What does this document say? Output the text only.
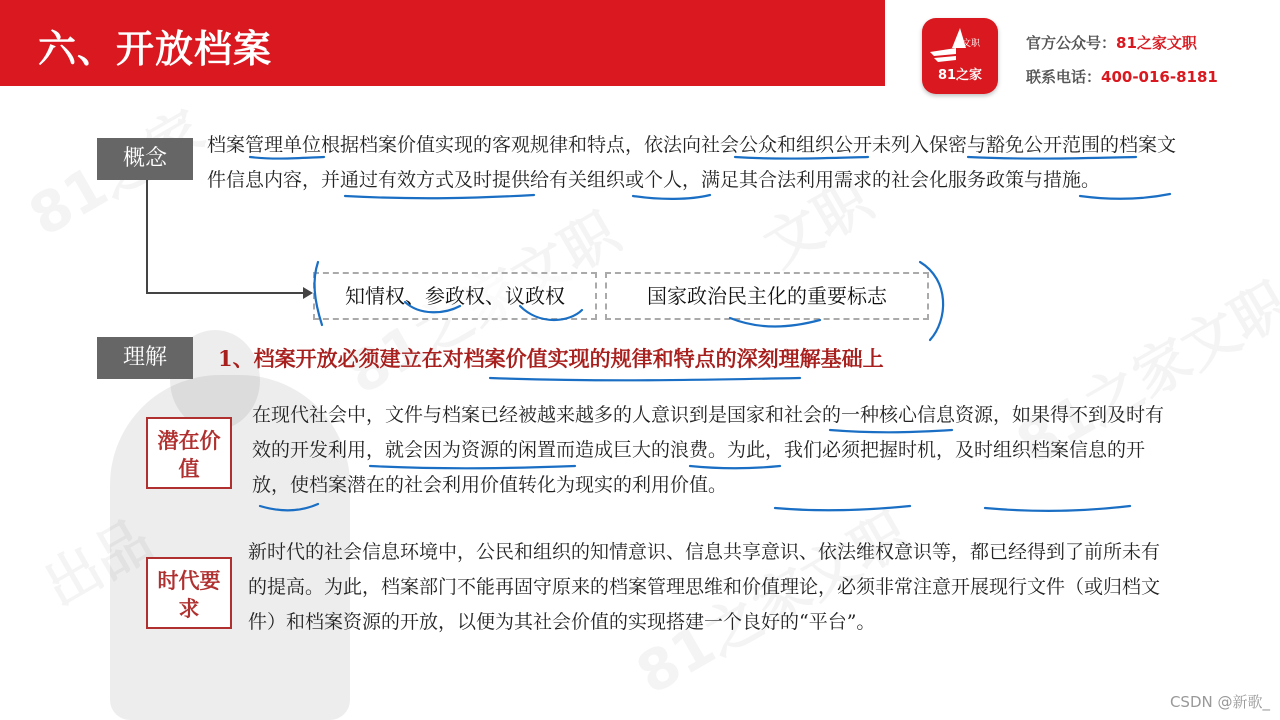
六、开放档案	文职
81之家
官方公众号：81之家文职
联系电话：400-016-8181
概念
档案管理单位根据档案价值实现的客观规律和特点，依法向社会公众和组织公开未列入保密与豁免公开范围的档案文件信息内容，并通过有效方式及时提供给有关组织或个人，满足其合法利用需求的社会化服务政策与措施。
知情权、参政权、议政权	国家政治民主化的重要标志
理解	1、档案开放必须建立在对档案价值实现的规律和特点的深刻理解基础上
潜在价值
在现代社会中，文件与档案已经被越来越多的人意识到是国家和社会的一种核心信息资源，如果得不到及时有效的开发利用，就会因为资源的闲置而造成巨大的浪费。为此，我们必须把握时机，及时组织档案信息的开放，使档案潜在的社会利用价值转化为现实的利用价值。
时代要求
新时代的社会信息环境中，公民和组织的知情意识、信息共享意识、依法维权意识等，都已经得到了前所未有的提高。为此，档案部门不能再固守原来的档案管理思维和价值理论，必须非常注意开展现行文件（或归档文件）和档案资源的开放，以便为其社会价值的实现搭建一个良好的“平台”。
CSDN @新歌_
